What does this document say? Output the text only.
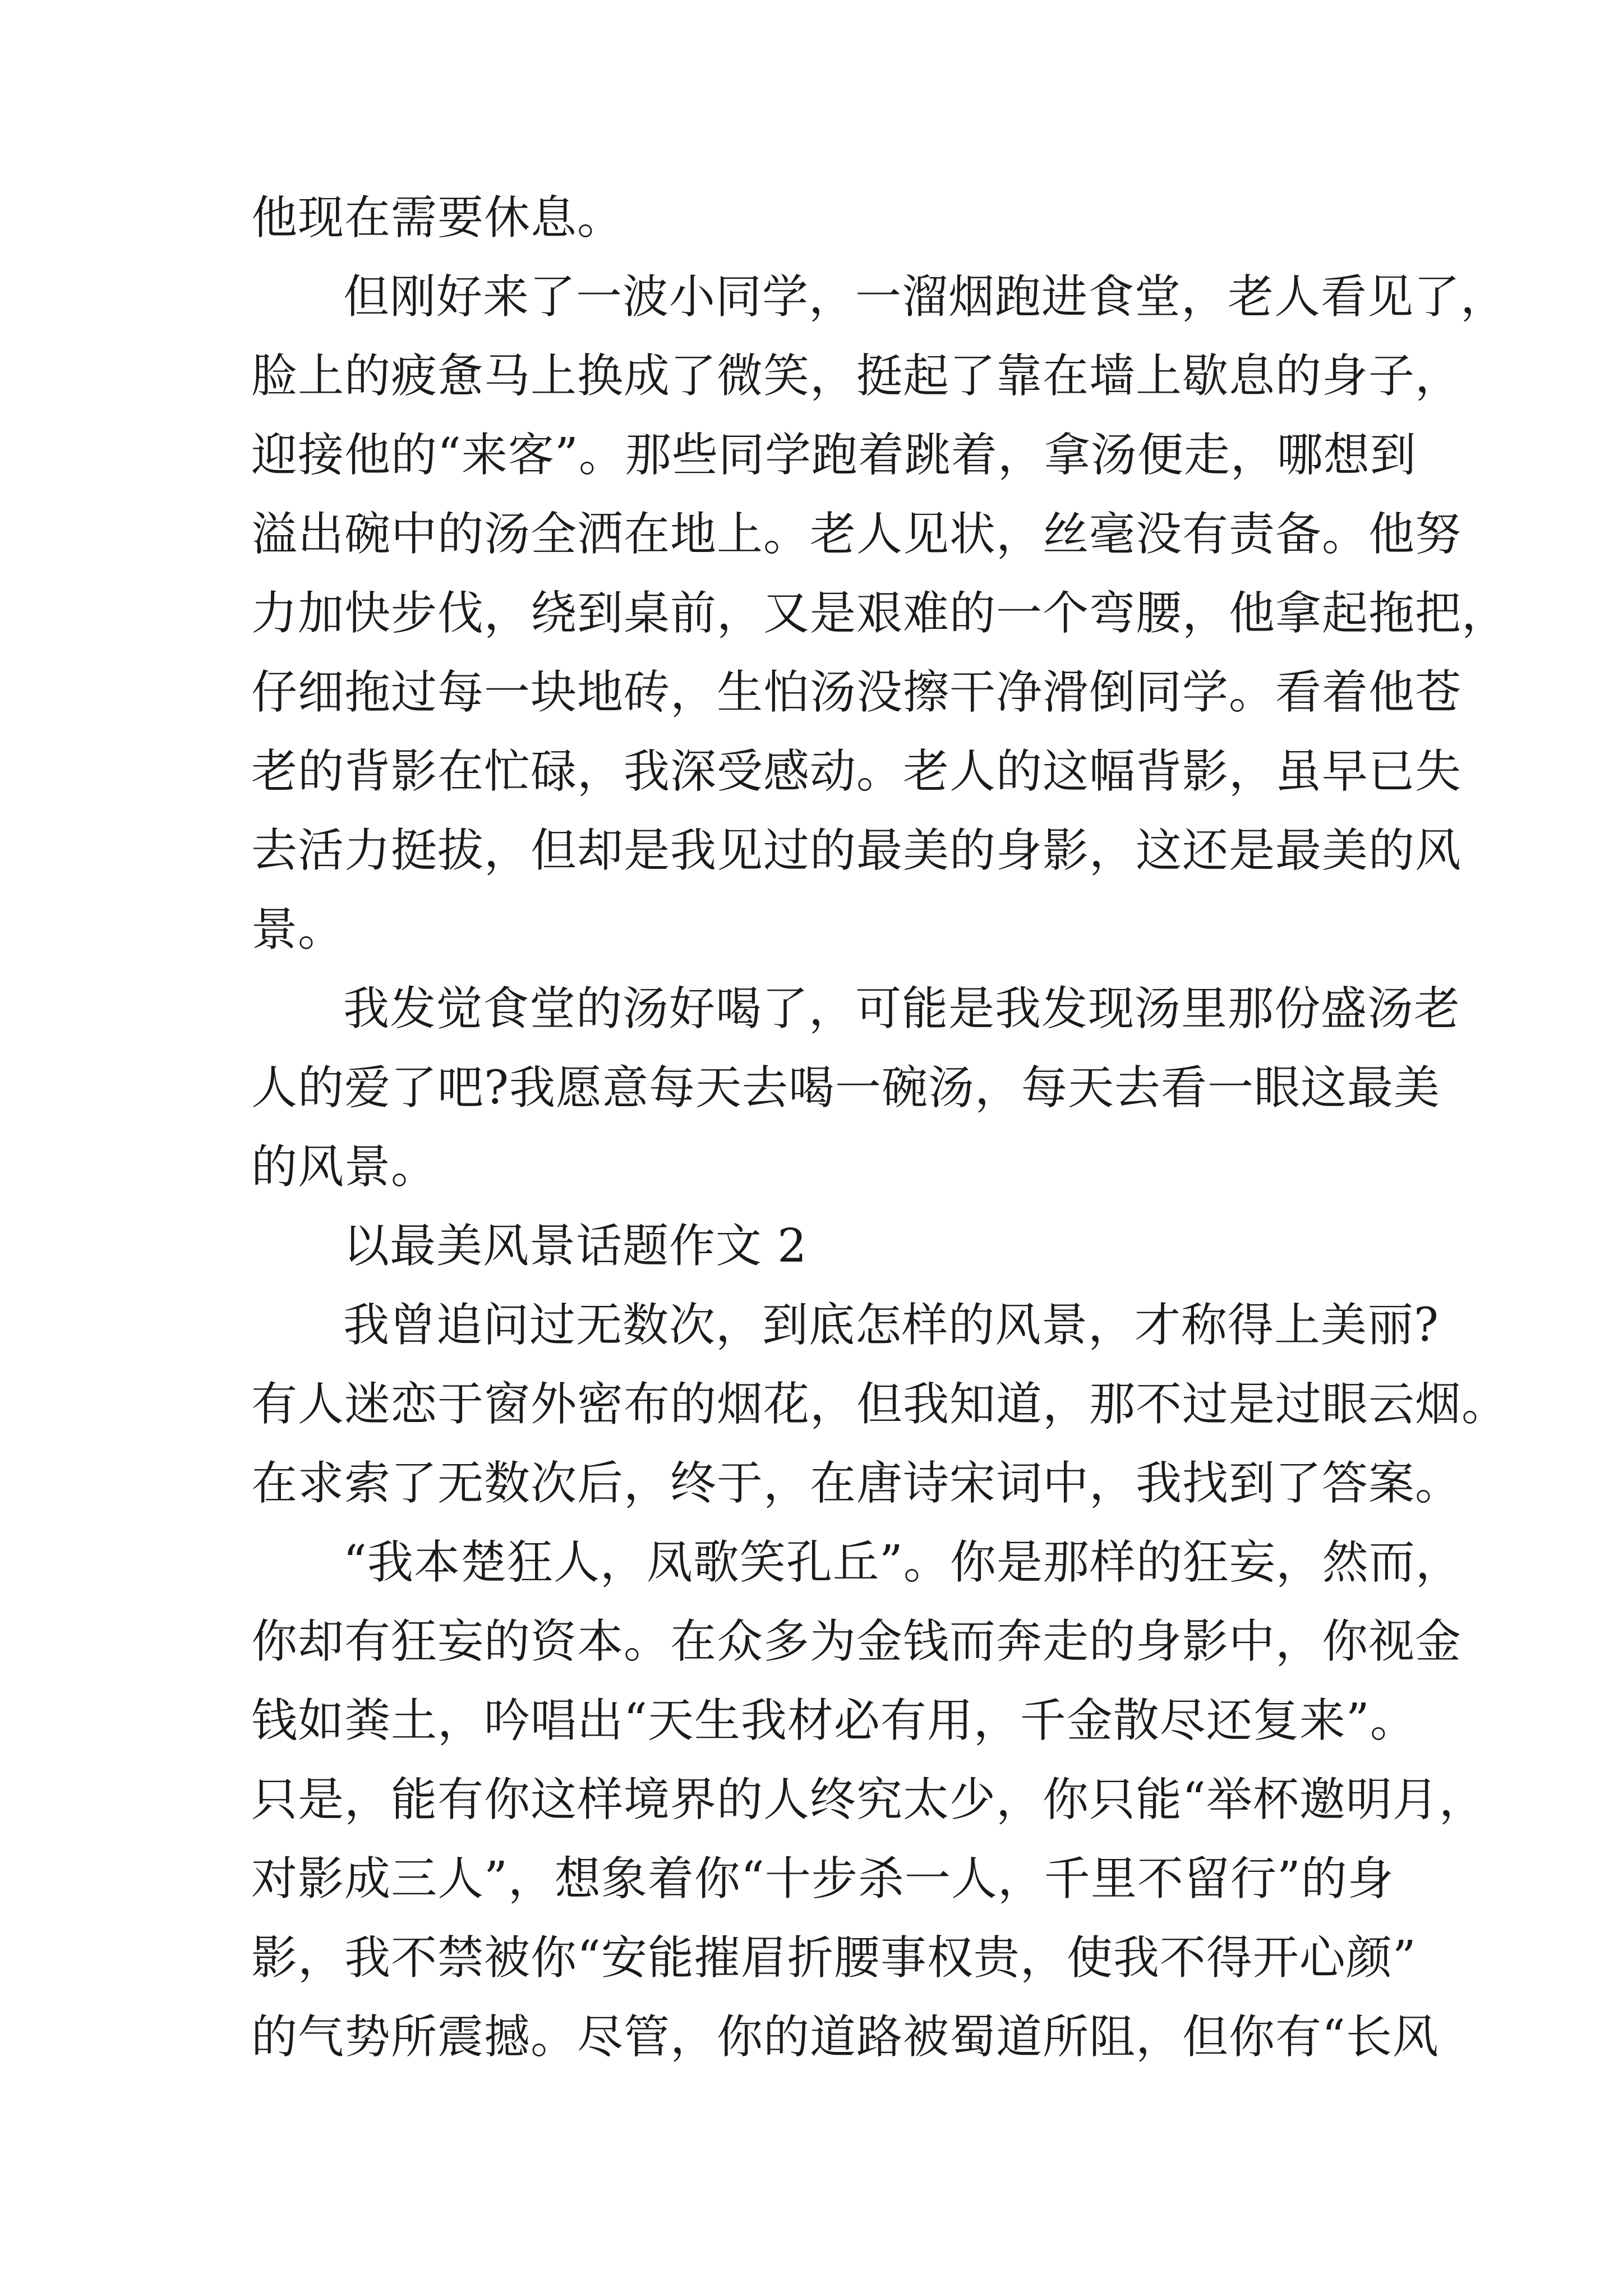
他现在需要休息。
但刚好来了一波小同学，一溜烟跑进食堂，老人看见了，
脸上的疲惫马上换成了微笑，挺起了靠在墙上歇息的身子，
迎接他的“来客”。那些同学跑着跳着，拿汤便走，哪想到
溢出碗中的汤全洒在地上。老人见状，丝毫没有责备。他努
力加快步伐，绕到桌前，又是艰难的一个弯腰，他拿起拖把，
仔细拖过每一块地砖，生怕汤没擦干净滑倒同学。看着他苍
老的背影在忙碌，我深受感动。老人的这幅背影，虽早已失
去活力挺拔，但却是我见过的最美的身影，这还是最美的风
景。
我发觉食堂的汤好喝了，可能是我发现汤里那份盛汤老
人的爱了吧?我愿意每天去喝一碗汤，每天去看一眼这最美
的风景。
以最美风景话题作文 2
我曾追问过无数次，到底怎样的风景，才称得上美丽?
有人迷恋于窗外密布的烟花，但我知道，那不过是过眼云烟。
在求索了无数次后，终于，在唐诗宋词中，我找到了答案。
“我本楚狂人，凤歌笑孔丘”。你是那样的狂妄，然而，
你却有狂妄的资本。在众多为金钱而奔走的身影中，你视金
钱如粪土，吟唱出“天生我材必有用，千金散尽还复来”。
只是，能有你这样境界的人终究太少，你只能“举杯邀明月，
对影成三人”，想象着你“十步杀一人，千里不留行”的身
影，我不禁被你“安能摧眉折腰事权贵，使我不得开心颜”
的气势所震撼。尽管，你的道路被蜀道所阻，但你有“长风
